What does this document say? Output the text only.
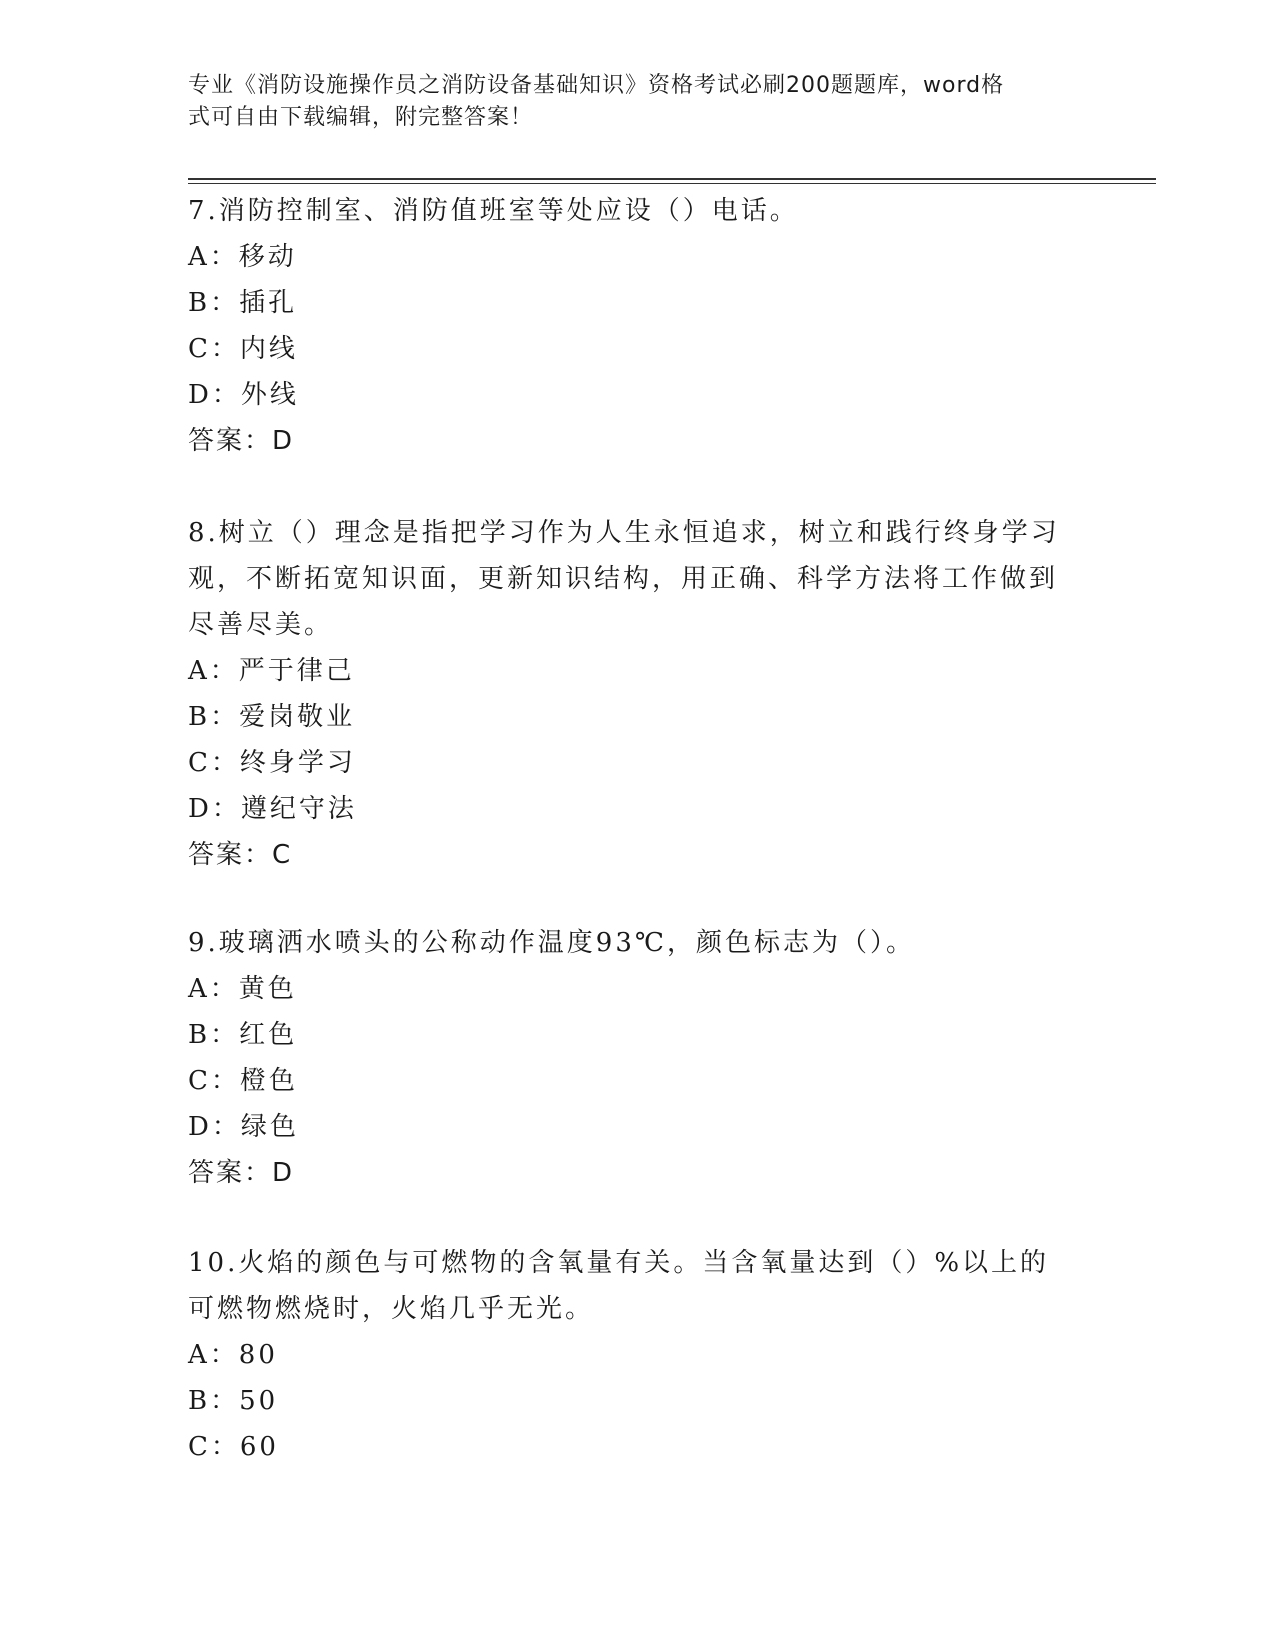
专业《消防设施操作员之消防设备基础知识》资格考试必刷200题题库，word格
式可自由下载编辑，附完整答案！
7.消防控制室、消防值班室等处应设（）电话。
A：移动
B：插孔
C：内线
D：外线
答案：D
8.树立（）理念是指把学习作为人生永恒追求，树立和践行终身学习观，不断拓宽知识面，更新知识结构，用正确、科学方法将工作做到尽善尽美。
A：严于律己
B：爱岗敬业
C：终身学习
D：遵纪守法
答案：C
9.玻璃洒水喷头的公称动作温度93℃，颜色标志为（）。
A：黄色
B：红色
C：橙色
D：绿色
答案：D
10.火焰的颜色与可燃物的含氧量有关。当含氧量达到（）%以上的可燃物燃烧时，火焰几乎无光。
A：80
B：50
C：60
